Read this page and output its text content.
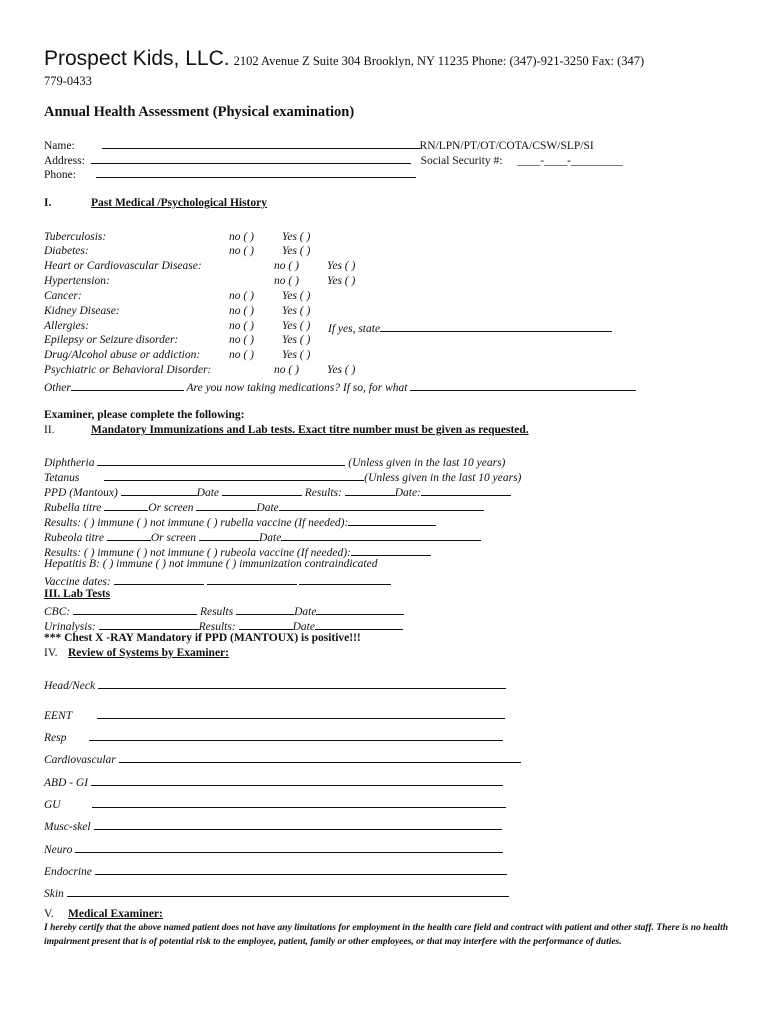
Prospect Kids, LLC. 2102 Avenue Z Suite 304 Brooklyn, NY 11235 Phone: (347)-921-3250 Fax: (347)
779-0433
Annual Health Assessment (Physical examination)
Name:	RN/LPN/PT/OT/COTA/CSW/SLP/SI
Address:	Social Security #: ____-____-_________
Phone:
I.	Past Medical /Psychological History
Tuberculosis:	no ( ) Yes ( )
Diabetes:	no ( ) Yes ( )
Heart or Cardiovascular Disease:	no ( ) Yes ( )
Hypertension:	no ( ) Yes ( )
Cancer:	no ( ) Yes ( )
Kidney Disease:	no ( ) Yes ( )
Allergies:	no ( ) Yes ( ) If yes, state
Epilepsy or Seizure disorder:	no ( ) Yes ( )
Drug/Alcohol abuse or addiction:	no ( ) Yes ( )
Psychiatric or Behavioral Disorder:	no ( ) Yes ( )
Other	Are you now taking medications? If so, for what
Examiner, please complete the following:
II.	Mandatory Immunizations and Lab tests. Exact titre number must be given as requested.
Diphtheria	(Unless given in the last 10 years)
Tetanus	(Unless given in the last 10 years)
PPD (Mantoux)	Date	Results:	Date:
Rubella titre	Or screen	Date
Results: ( ) immune ( ) not immune ( ) rubella vaccine (If needed):
Rubeola titre	Or screen	Date
Results: ( ) immune ( ) not immune ( ) rubeola vaccine (If needed):
Hepatitis B: ( ) immune ( ) not immune ( ) immunization contraindicated
Vaccine dates:
III. Lab Tests
CBC:	Results	Date
Urinalysis:	Results:	Date
*** Chest X -RAY Mandatory if PPD (MANTOUX) is positive!!!
IV. Review of Systems by Examiner:
Head/Neck
EENT
Resp
Cardiovascular
ABD - GI
GU
Musc-skel
Neuro
Endocrine
Skin
V. Medical Examiner:
I hereby certify that the above named patient does not have any limitations for employment in the health care field and contract with patient and other staff. There is no health impairment present that is of potential risk to the employee, patient, family or other employees, or that may interfere with the performance of duties.
